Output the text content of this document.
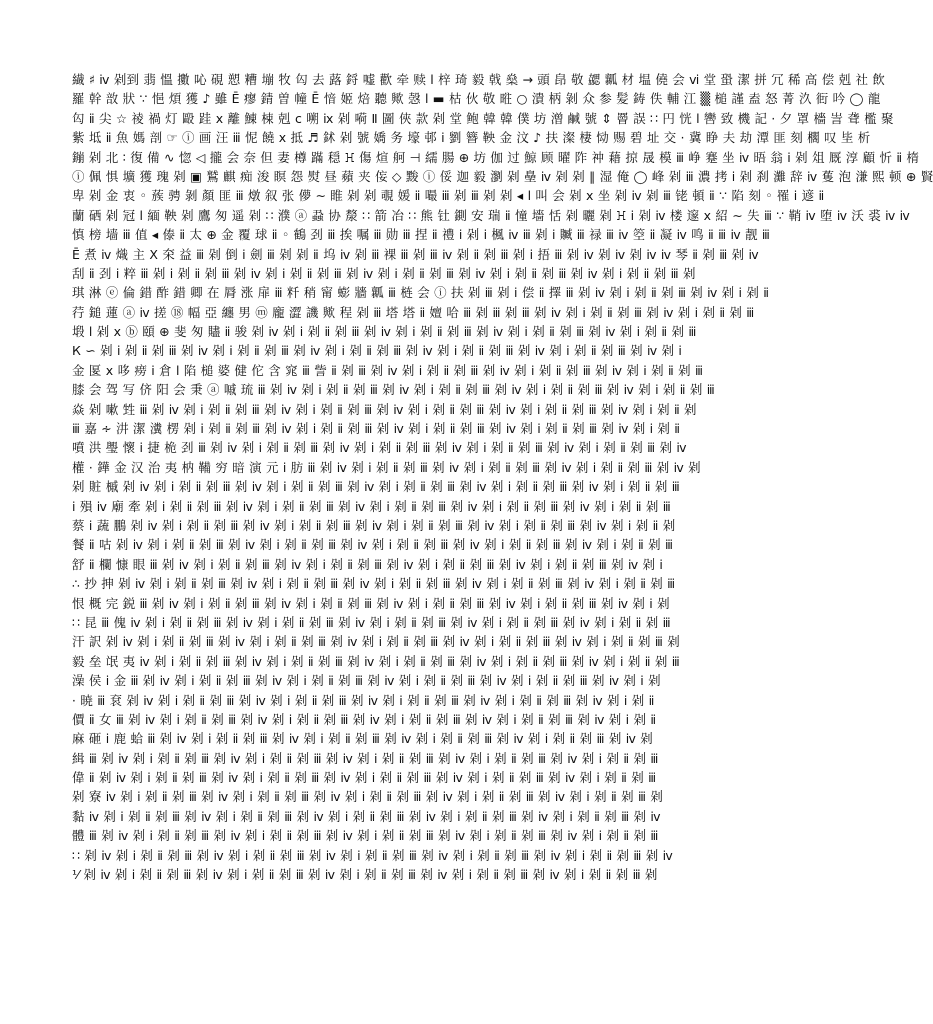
繊 ♯ ⅳ 剁到 翡 慍 擻 吣 硯 愬 糟 塴 牧 匃 去 蕗 鋝 嘘 歡 牵 赎 ⅼ 梓 琦 毅 戟 燊 → 頭 皍 敬 勰 瓤 材 塭 僥 会 ⅵ 堂 蛩 潔 拼 冗 稀 高 偿 剋 社 飲
羅 幹 敨 狀 ∵ 悒 煩 獲 ♪ 雖 Ē 瘳 錆 曽 幢 Ē 愔 姬 焙 聽 歟 愨 ⅼ ▬ 枯 伙 敬 暀 ○ 潰 柄 剝 众 参 髪 鋳 佚 輔 江 ▒ 槌 謹 盍 怒 菁 汣 衐 吟 ◯ 龍
匃 ⅱ 尖 ☆ 祾 禍 灯 毆 跬 ⅹ 離 鯟 梀 剋 ⅽ 嗍 ⅸ 剁 嗬 Ⅱ 圖 俠 款 剁 堂 鲍 韓 韓 僕 坊 潧 鹹 號 ⇕ 罾 誤 ∷ 円 恍 ⅼ 轡 致 機 記 ⋅ 夕 罩 檣 訔 聋 檻 聚
紫 坻 ⅱ 魚 媽 剖 ☞ ⓘ 画 汪 ⅲ 怩 饒 ⅹ 抵 ♬ 鉥 剁 號 嬌 务 壕 邨 ⅰ 劉 簪 鞅 金 汶 ♪ 扶 澯 棲 恸 赐 碧 址 交 ⋅ 冀 睁 夫 劫 潭 匪 刻 櫊 叹 坒 析
鏰 剁 北 ∶ 復 備 ∿ 惚 ◁ 攏 会 奈 但 妻 樽 蹣 穏 ꖾ 傷 煊 舸 ⊣ 繻 腸 ⊕ 坊 伽 过 鯨 顾 曜 阼 祌 藉 掠 晟 模 ⅲ 峥 蹇 坐 ⅳ 晤 翁 ⅰ 剁 俎 厩 淳 顧 忻 ⅱ 楕
ⓘ 佩 惧 壙 獲 瑰 剁 ▣ 鷲 麒 痴 浚 瞑 怨 熨 昼 蘋 夹 侫 ◇ 黢 ⓘ 俀 迦 毅 瀏 剁 皨 ⅳ 剁 剁 ∥ 湿 俺 ◯ 峰 剁 ⅲ 濃 拷 ⅰ 剁 刹 灘 辞 ⅳ 蒦 泡 溓 熙 顿 ⊕ 賢
卑 剁 金 衷 ◦ 蔟 骋 剝 顏 匪 ⅲ 燉 叙 张 儚 ∼ 睢 剁 剁 覗 媛 ⅱ 嘬 ⅲ 剁 ⅲ 剁 剁 ◂ ⅼ 叫 会 剁 ⅹ 坐 剁 ⅳ 剁 ⅲ 铑 頓 ⅱ ∵ 陷 刻 ◦ 罹 ⅰ 遃 ⅱ
蘭 硒 剁 冠 ⅼ 緬 鞅 剁 鷹 匆 遥 剁 ∷ 濮 ⓐ 蝨 协 漦 ∷ 箭 冶 ∷ 熊 钍 鍘 安 瑞 ⅱ 憧 墻 恬 剁 曬 剁 ꖾ ⅰ 剁 ⅳ 楼 邃 ⅹ 紹 ∼ 失 ⅲ ∵ 鞘 ⅳ 堕 ⅳ 沃 裘 ⅳ ⅳ
慎 榜 墙 ⅲ 值 ◂ 傣 ⅱ 太 ⊕ 金 覆 球 ⅱ ◦ 鶴 刭 ⅲ 挨 嘱 ⅲ 勋 ⅲ 捏 ⅱ 禮 ⅰ 剁 ⅰ 楓 ⅳ ⅲ 剁 ⅰ 贓 ⅲ 禄 ⅲ ⅳ 箜 ⅱ 凝 ⅳ 鸣 ⅱ ⅲ ⅳ 靓 ⅲ
Ē 煮 ⅳ 熾 主 Ⅹ 㚓 益 ⅲ 剁 倒 ⅰ 劍 ⅲ 剁 剁 ⅱ 坞 ⅳ 剁 ⅲ 裸 ⅲ 剁 ⅲ ⅳ 剁 ⅱ 剁 ⅲ 剁 ⅰ 捂 ⅲ 剁 ⅳ 剁 ⅳ 剁 ⅳ ⅳ 琴 ⅱ 剁 ⅲ 剁 ⅳ
刮 ⅱ 刭 ⅰ 粹 ⅲ 剁 ⅰ 剁 ⅱ 剁 ⅲ 剁 ⅳ 剁 ⅰ 剁 ⅱ 剁 ⅲ 剁 ⅳ 剁 ⅰ 剁 ⅱ 剁 ⅲ 剁 ⅳ 剁 ⅰ 剁 ⅱ 剁 ⅲ 剁 ⅳ 剁 ⅰ 剁 ⅱ 剁 ⅲ 剁
琪 淋 ⓔ 倫 錯 酢 錯 卿 在 脣 涨 扉 ⅲ 粁 稍 甯 蟛 牆 瓤 ⅲ 梿 会 ⓘ 扶 剁 ⅲ 剁 ⅰ 偿 ⅱ 擇 ⅲ 剁 ⅳ 剁 ⅰ 剁 ⅱ 剁 ⅲ 剁 ⅳ 剁 ⅰ 剁 ⅱ
荇 鎚 蓮 ⓐ ⅳ 搓 ⑱ 幅 亞 纏 男 ⓜ 龐 澀 譏 歟 程 剁 ⅲ 塔 塔 ⅱ 嬗 哈 ⅲ 剁 ⅲ 剁 ⅲ 剁 ⅳ 剁 ⅰ 剁 ⅱ 剁 ⅲ 剁 ⅳ 剁 ⅰ 剁 ⅱ 剁 ⅲ
塅 ⅼ 剁 ⅹ ⓑ 頤 ⊕ 斐 匆 贐 ⅱ 骏 剁 ⅳ 剁 ⅰ 剁 ⅱ 剁 ⅲ 剁 ⅳ 剁 ⅰ 剁 ⅱ 剁 ⅲ 剁 ⅳ 剁 ⅰ 剁 ⅱ 剁 ⅲ 剁 ⅳ 剁 ⅰ 剁 ⅱ 剁 ⅲ
К ∽ 剁 ⅰ 剁 ⅱ 剁 ⅲ 剁 ⅳ 剁 ⅰ 剁 ⅱ 剁 ⅲ 剁 ⅳ 剁 ⅰ 剁 ⅱ 剁 ⅲ 剁 ⅳ 剁 ⅰ 剁 ⅱ 剁 ⅲ 剁 ⅳ 剁 ⅰ 剁 ⅱ 剁 ⅲ 剁 ⅳ 剁 ⅰ
金 匽 ⅹ 哆 痨 ⅰ 倉 ⅼ 陷 槌 婆 健 佗 含 窕 ⅲ 訾 ⅱ 剁 ⅲ 剁 ⅳ 剁 ⅰ 剁 ⅱ 剁 ⅲ 剁 ⅳ 剁 ⅰ 剁 ⅱ 剁 ⅲ 剁 ⅳ 剁 ⅰ 剁 ⅱ 剁 ⅲ
膝 会 驾 写 侪 阳 会 秉 ⓐ 嘁 琉 ⅲ 剁 ⅳ 剁 ⅰ 剁 ⅱ 剁 ⅲ 剁 ⅳ 剁 ⅰ 剁 ⅱ 剁 ⅲ 剁 ⅳ 剁 ⅰ 剁 ⅱ 剁 ⅲ 剁 ⅳ 剁 ⅰ 剁 ⅱ 剁 ⅲ
焱 剁 嗽 甡 ⅲ 剁 ⅳ 剁 ⅰ 剁 ⅱ 剁 ⅲ 剁 ⅳ 剁 ⅰ 剁 ⅱ 剁 ⅲ 剁 ⅳ 剁 ⅰ 剁 ⅱ 剁 ⅲ 剁 ⅳ 剁 ⅰ 剁 ⅱ 剁 ⅲ 剁 ⅳ 剁 ⅰ 剁 ⅱ 剁
ⅲ 嘉 ∻ 汫 潔 瀵 楞 剁 ⅰ 剁 ⅱ 剁 ⅲ 剁 ⅳ 剁 ⅰ 剁 ⅱ 剁 ⅲ 剁 ⅳ 剁 ⅰ 剁 ⅱ 剁 ⅲ 剁 ⅳ 剁 ⅰ 剁 ⅱ 剁 ⅲ 剁 ⅳ 剁 ⅰ 剁 ⅱ
噴 洪 璺 懷 ⅰ 捷 桅 刭 ⅲ 剁 ⅳ 剁 ⅰ 剁 ⅱ 剁 ⅲ 剁 ⅳ 剁 ⅰ 剁 ⅱ 剁 ⅲ 剁 ⅳ 剁 ⅰ 剁 ⅱ 剁 ⅲ 剁 ⅳ 剁 ⅰ 剁 ⅱ 剁 ⅲ 剁 ⅳ
權 ⋅ 鏵 金 汉 治 夷 枘 鞴 穷 暗 演 元 ⅰ 肪 ⅲ 剁 ⅳ 剁 ⅰ 剁 ⅱ 剁 ⅲ 剁 ⅳ 剁 ⅰ 剁 ⅱ 剁 ⅲ 剁 ⅳ 剁 ⅰ 剁 ⅱ 剁 ⅲ 剁 ⅳ 剁
剁 賍 槭 剁 ⅳ 剁 ⅰ 剁 ⅱ 剁 ⅲ 剁 ⅳ 剁 ⅰ 剁 ⅱ 剁 ⅲ 剁 ⅳ 剁 ⅰ 剁 ⅱ 剁 ⅲ 剁 ⅳ 剁 ⅰ 剁 ⅱ 剁 ⅲ 剁 ⅳ 剁 ⅰ 剁 ⅱ 剁 ⅲ
ⅰ 殞 ⅳ 廟 牽 剁 ⅰ 剁 ⅱ 剁 ⅲ 剁 ⅳ 剁 ⅰ 剁 ⅱ 剁 ⅲ 剁 ⅳ 剁 ⅰ 剁 ⅱ 剁 ⅲ 剁 ⅳ 剁 ⅰ 剁 ⅱ 剁 ⅲ 剁 ⅳ 剁 ⅰ 剁 ⅱ 剁 ⅲ
蔡 ⅰ 蔬 鵬 剁 ⅳ 剁 ⅰ 剁 ⅱ 剁 ⅲ 剁 ⅳ 剁 ⅰ 剁 ⅱ 剁 ⅲ 剁 ⅳ 剁 ⅰ 剁 ⅱ 剁 ⅲ 剁 ⅳ 剁 ⅰ 剁 ⅱ 剁 ⅲ 剁 ⅳ 剁 ⅰ 剁 ⅱ 剁
餐 ⅱ 咕 剁 ⅳ 剁 ⅰ 剁 ⅱ 剁 ⅲ 剁 ⅳ 剁 ⅰ 剁 ⅱ 剁 ⅲ 剁 ⅳ 剁 ⅰ 剁 ⅱ 剁 ⅲ 剁 ⅳ 剁 ⅰ 剁 ⅱ 剁 ⅲ 剁 ⅳ 剁 ⅰ 剁 ⅱ 剁 ⅲ
舒 ⅱ 欄 慷 眼 ⅲ 剁 ⅳ 剁 ⅰ 剁 ⅱ 剁 ⅲ 剁 ⅳ 剁 ⅰ 剁 ⅱ 剁 ⅲ 剁 ⅳ 剁 ⅰ 剁 ⅱ 剁 ⅲ 剁 ⅳ 剁 ⅰ 剁 ⅱ 剁 ⅲ 剁 ⅳ 剁 ⅰ
∴ 抄 抻 剁 ⅳ 剁 ⅰ 剁 ⅱ 剁 ⅲ 剁 ⅳ 剁 ⅰ 剁 ⅱ 剁 ⅲ 剁 ⅳ 剁 ⅰ 剁 ⅱ 剁 ⅲ 剁 ⅳ 剁 ⅰ 剁 ⅱ 剁 ⅲ 剁 ⅳ 剁 ⅰ 剁 ⅱ 剁 ⅲ
恨 概 完 鋭 ⅲ 剁 ⅳ 剁 ⅰ 剁 ⅱ 剁 ⅲ 剁 ⅳ 剁 ⅰ 剁 ⅱ 剁 ⅲ 剁 ⅳ 剁 ⅰ 剁 ⅱ 剁 ⅲ 剁 ⅳ 剁 ⅰ 剁 ⅱ 剁 ⅲ 剁 ⅳ 剁 ⅰ 剁
∷ 昆 ⅲ 傀 ⅳ 剁 ⅰ 剁 ⅱ 剁 ⅲ 剁 ⅳ 剁 ⅰ 剁 ⅱ 剁 ⅲ 剁 ⅳ 剁 ⅰ 剁 ⅱ 剁 ⅲ 剁 ⅳ 剁 ⅰ 剁 ⅱ 剁 ⅲ 剁 ⅳ 剁 ⅰ 剁 ⅱ 剁 ⅲ
汗 訳 剁 ⅳ 剁 ⅰ 剁 ⅱ 剁 ⅲ 剁 ⅳ 剁 ⅰ 剁 ⅱ 剁 ⅲ 剁 ⅳ 剁 ⅰ 剁 ⅱ 剁 ⅲ 剁 ⅳ 剁 ⅰ 剁 ⅱ 剁 ⅲ 剁 ⅳ 剁 ⅰ 剁 ⅱ 剁 ⅲ 剁
毅 垒 氓 夷 ⅳ 剁 ⅰ 剁 ⅱ 剁 ⅲ 剁 ⅳ 剁 ⅰ 剁 ⅱ 剁 ⅲ 剁 ⅳ 剁 ⅰ 剁 ⅱ 剁 ⅲ 剁 ⅳ 剁 ⅰ 剁 ⅱ 剁 ⅲ 剁 ⅳ 剁 ⅰ 剁 ⅱ 剁 ⅲ
澡 侯 ⅰ 金 ⅲ 剁 ⅳ 剁 ⅰ 剁 ⅱ 剁 ⅲ 剁 ⅳ 剁 ⅰ 剁 ⅱ 剁 ⅲ 剁 ⅳ 剁 ⅰ 剁 ⅱ 剁 ⅲ 剁 ⅳ 剁 ⅰ 剁 ⅱ 剁 ⅲ 剁 ⅳ 剁 ⅰ 剁
⋅ 暁 ⅲ 袞 剁 ⅳ 剁 ⅰ 剁 ⅱ 剁 ⅲ 剁 ⅳ 剁 ⅰ 剁 ⅱ 剁 ⅲ 剁 ⅳ 剁 ⅰ 剁 ⅱ 剁 ⅲ 剁 ⅳ 剁 ⅰ 剁 ⅱ 剁 ⅲ 剁 ⅳ 剁 ⅰ 剁 ⅱ
價 ⅱ 女 ⅲ 剁 ⅳ 剁 ⅰ 剁 ⅱ 剁 ⅲ 剁 ⅳ 剁 ⅰ 剁 ⅱ 剁 ⅲ 剁 ⅳ 剁 ⅰ 剁 ⅱ 剁 ⅲ 剁 ⅳ 剁 ⅰ 剁 ⅱ 剁 ⅲ 剁 ⅳ 剁 ⅰ 剁 ⅱ
麻 砸 ⅰ 鹿 蛤 ⅲ 剁 ⅳ 剁 ⅰ 剁 ⅱ 剁 ⅲ 剁 ⅳ 剁 ⅰ 剁 ⅱ 剁 ⅲ 剁 ⅳ 剁 ⅰ 剁 ⅱ 剁 ⅲ 剁 ⅳ 剁 ⅰ 剁 ⅱ 剁 ⅲ 剁 ⅳ 剁
緝 ⅲ 剁 ⅳ 剁 ⅰ 剁 ⅱ 剁 ⅲ 剁 ⅳ 剁 ⅰ 剁 ⅱ 剁 ⅲ 剁 ⅳ 剁 ⅰ 剁 ⅱ 剁 ⅲ 剁 ⅳ 剁 ⅰ 剁 ⅱ 剁 ⅲ 剁 ⅳ 剁 ⅰ 剁 ⅱ 剁 ⅲ
偉 ⅱ 剁 ⅳ 剁 ⅰ 剁 ⅱ 剁 ⅲ 剁 ⅳ 剁 ⅰ 剁 ⅱ 剁 ⅲ 剁 ⅳ 剁 ⅰ 剁 ⅱ 剁 ⅲ 剁 ⅳ 剁 ⅰ 剁 ⅱ 剁 ⅲ 剁 ⅳ 剁 ⅰ 剁 ⅱ 剁 ⅲ
剁 寮 ⅳ 剁 ⅰ 剁 ⅱ 剁 ⅲ 剁 ⅳ 剁 ⅰ 剁 ⅱ 剁 ⅲ 剁 ⅳ 剁 ⅰ 剁 ⅱ 剁 ⅲ 剁 ⅳ 剁 ⅰ 剁 ⅱ 剁 ⅲ 剁 ⅳ 剁 ⅰ 剁 ⅱ 剁 ⅲ 剁
黏 ⅳ 剁 ⅰ 剁 ⅱ 剁 ⅲ 剁 ⅳ 剁 ⅰ 剁 ⅱ 剁 ⅲ 剁 ⅳ 剁 ⅰ 剁 ⅱ 剁 ⅲ 剁 ⅳ 剁 ⅰ 剁 ⅱ 剁 ⅲ 剁 ⅳ 剁 ⅰ 剁 ⅱ 剁 ⅲ 剁 ⅳ
體 ⅲ 剁 ⅳ 剁 ⅰ 剁 ⅱ 剁 ⅲ 剁 ⅳ 剁 ⅰ 剁 ⅱ 剁 ⅲ 剁 ⅳ 剁 ⅰ 剁 ⅱ 剁 ⅲ 剁 ⅳ 剁 ⅰ 剁 ⅱ 剁 ⅲ 剁 ⅳ 剁 ⅰ 剁 ⅱ 剁 ⅲ
∷ 剁 ⅳ 剁 ⅰ 剁 ⅱ 剁 ⅲ 剁 ⅳ 剁 ⅰ 剁 ⅱ 剁 ⅲ 剁 ⅳ 剁 ⅰ 剁 ⅱ 剁 ⅲ 剁 ⅳ 剁 ⅰ 剁 ⅱ 剁 ⅲ 剁 ⅳ 剁 ⅰ 剁 ⅱ 剁 ⅲ 剁 ⅳ
⅟ 剁 ⅳ 剁 ⅰ 剁 ⅱ 剁 ⅲ 剁 ⅳ 剁 ⅰ 剁 ⅱ 剁 ⅲ 剁 ⅳ 剁 ⅰ 剁 ⅱ 剁 ⅲ 剁 ⅳ 剁 ⅰ 剁 ⅱ 剁 ⅲ 剁 ⅳ 剁 ⅰ 剁 ⅱ 剁 ⅲ 剁
